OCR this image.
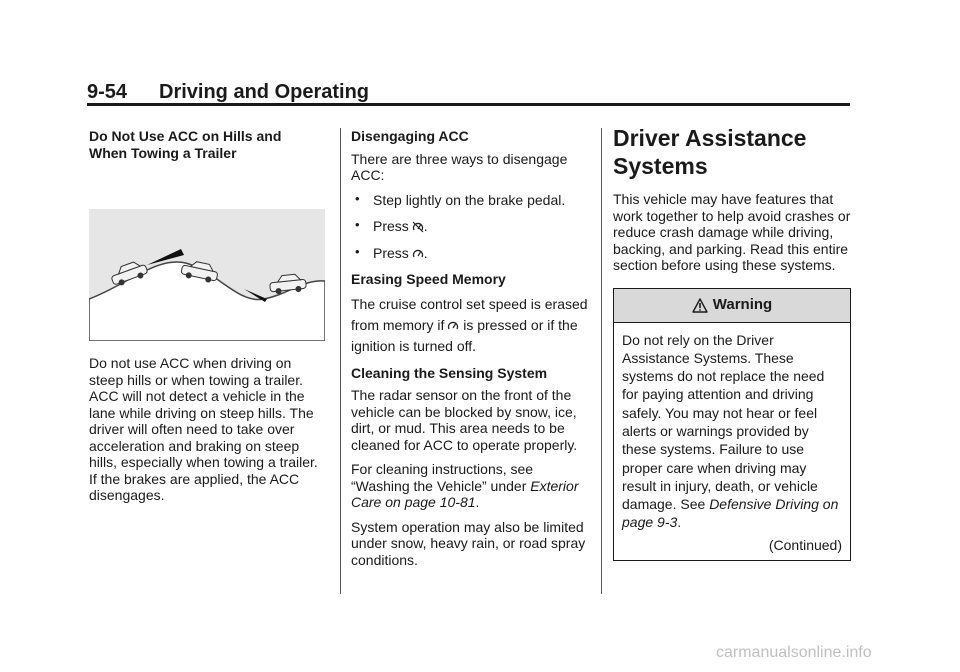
9-54 Driving and Operating
Do Not Use ACC on Hills and
When Towing a Trailer

Do not use ACC when driving on steep hills or when towing a trailer. ACC will not detect a vehicle in the lane while driving on steep hills. The driver will often need to take over acceleration and braking on steep hills, especially when towing a trailer. If the brakes are applied, the ACC disengages.

Disengaging ACC

There are three ways to disengage ACC:

• Step lightly on the brake pedal.
• Press .
• Press .
Erasing Speed Memory

The cruise control set speed is erased from memory if is pressed or if the ignition is turned off.

Cleaning the Sensing System

The radar sensor on the front of the vehicle can be blocked by snow, ice, dirt, or mud. This area needs to be cleaned for ACC to operate properly.

For cleaning instructions, see “Washing the Vehicle” under Exterior Care on page 10-81.

System operation may also be limited under snow, heavy rain, or road spray conditions.

Driver Assistance
Systems

This vehicle may have features that work together to help avoid crashes or reduce crash damage while driving, backing, and parking. Read this entire section before using these systems.

Warning
Do not rely on the Driver Assistance Systems. These systems do not replace the need for paying attention and driving safely. You may not hear or feel alerts or warnings provided by these systems. Failure to use proper care when driving may result in injury, death, or vehicle damage. See Defensive Driving on page 9-3.
(Continued)
carmanualsonline.info
